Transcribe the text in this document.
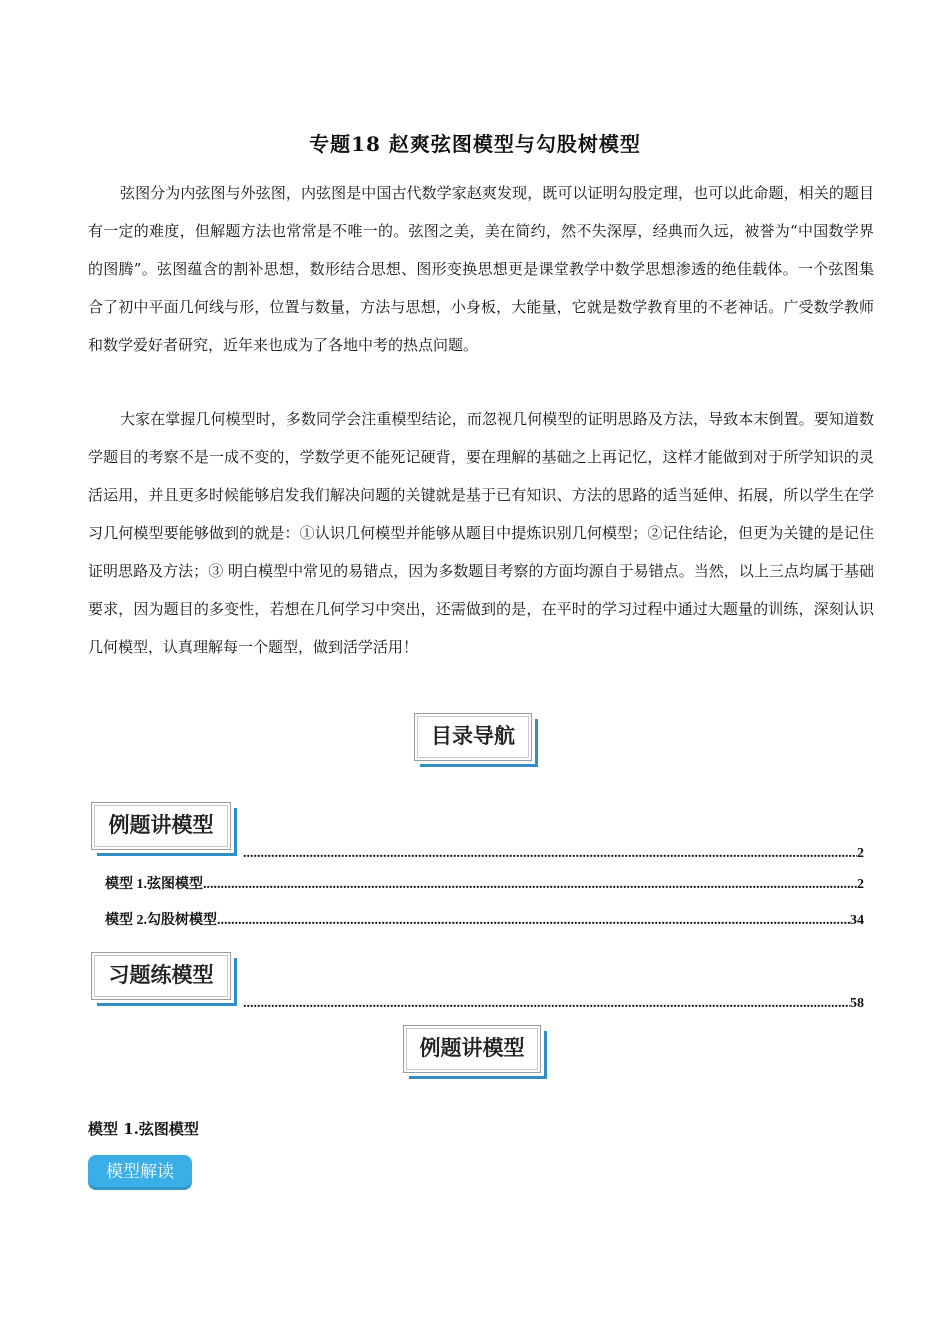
专题18 赵爽弦图模型与勾股树模型

弦图分为内弦图与外弦图，内弦图是中国古代数学家赵爽发现，既可以证明勾股定理，也可以此命题，相关的题目有一定的难度，但解题方法也常常是不唯一的。弦图之美，美在简约，然不失深厚，经典而久远，被誉为“中国数学界的图腾”。弦图蕴含的割补思想，数形结合思想、图形变换思想更是课堂教学中数学思想渗透的绝佳载体。一个弦图集合了初中平面几何线与形，位置与数量，方法与思想，小身板，大能量，它就是数学教育里的不老神话。广受数学教师和数学爱好者研究，近年来也成为了各地中考的热点问题。

大家在掌握几何模型时，多数同学会注重模型结论，而忽视几何模型的证明思路及方法，导致本末倒置。要知道数学题目的考察不是一成不变的，学数学更不能死记硬背，要在理解的基础之上再记忆，这样才能做到对于所学知识的灵活运用，并且更多时候能够启发我们解决问题的关键就是基于已有知识、方法的思路的适当延伸、拓展，所以学生在学习几何模型要能够做到的就是：①认识几何模型并能够从题目中提炼识别几何模型；②记住结论，但更为关键的是记住证明思路及方法；③ 明白模型中常见的易错点，因为多数题目考察的方面均源自于易错点。当然，以上三点均属于基础要求，因为题目的多变性，若想在几何学习中突出，还需做到的是，在平时的学习过程中通过大题量的训练，深刻认识几何模型，认真理解每一个题型，做到活学活用！

目录导航
例题讲模型
.....
2
模型 1.弦图模型 .....	2
模型 2.勾股树模型 .....	34
习题练模型
.....
58
例题讲模型
模型 1.弦图模型
模型解读
